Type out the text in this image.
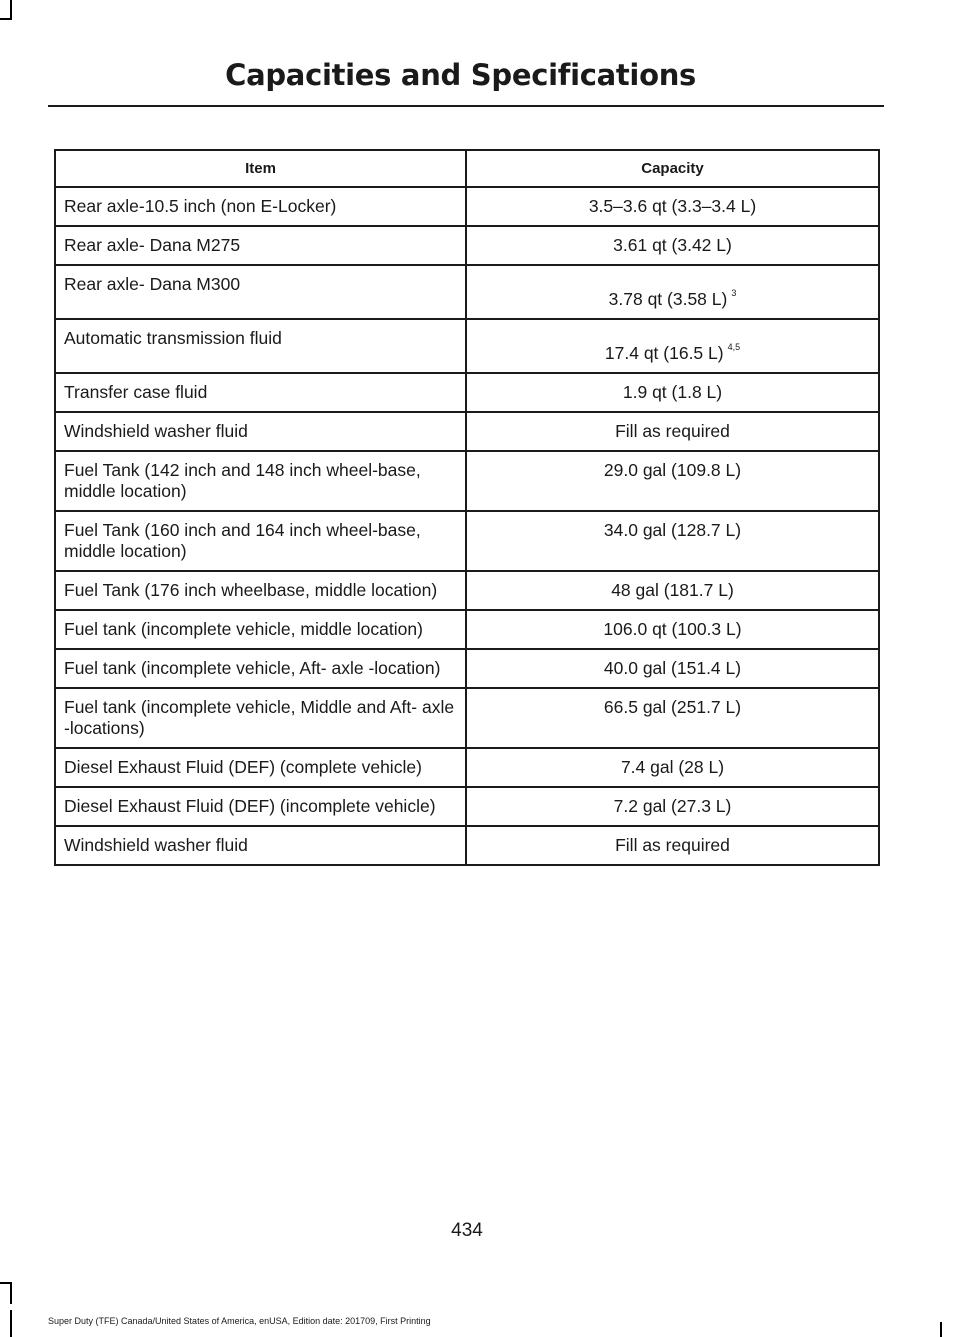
Capacities and Specifications
Item	Capacity
Rear axle-10.5 inch (non E-Locker)	3.5–3.6 qt (3.3–3.4 L)
Rear axle- Dana M275	3.61 qt (3.42 L)
Rear axle- Dana M300	3.78 qt (3.58 L) $^3$
Automatic transmission fluid	17.4 qt (16.5 L) $^{4,5}$
Transfer case fluid	1.9 qt (1.8 L)
Windshield washer fluid	Fill as required
Fuel Tank (142 inch and 148 inch wheel-base, middle location)	29.0 gal (109.8 L)
Fuel Tank (160 inch and 164 inch wheel-base, middle location)	34.0 gal (128.7 L)
Fuel Tank (176 inch wheelbase, middle location)	48 gal (181.7 L)
Fuel tank (incomplete vehicle, middle location)	106.0 qt (100.3 L)
Fuel tank (incomplete vehicle, Aft- axle -location)	40.0 gal (151.4 L)
Fuel tank (incomplete vehicle, Middle and Aft- axle -locations)	66.5 gal (251.7 L)
Diesel Exhaust Fluid (DEF) (complete vehicle)	7.4 gal (28 L)
Diesel Exhaust Fluid (DEF) (incomplete vehicle)	7.2 gal (27.3 L)
Windshield washer fluid	Fill as required
434
Super Duty (TFE) Canada/United States of America, enUSA, Edition date: 201709, First Printing
